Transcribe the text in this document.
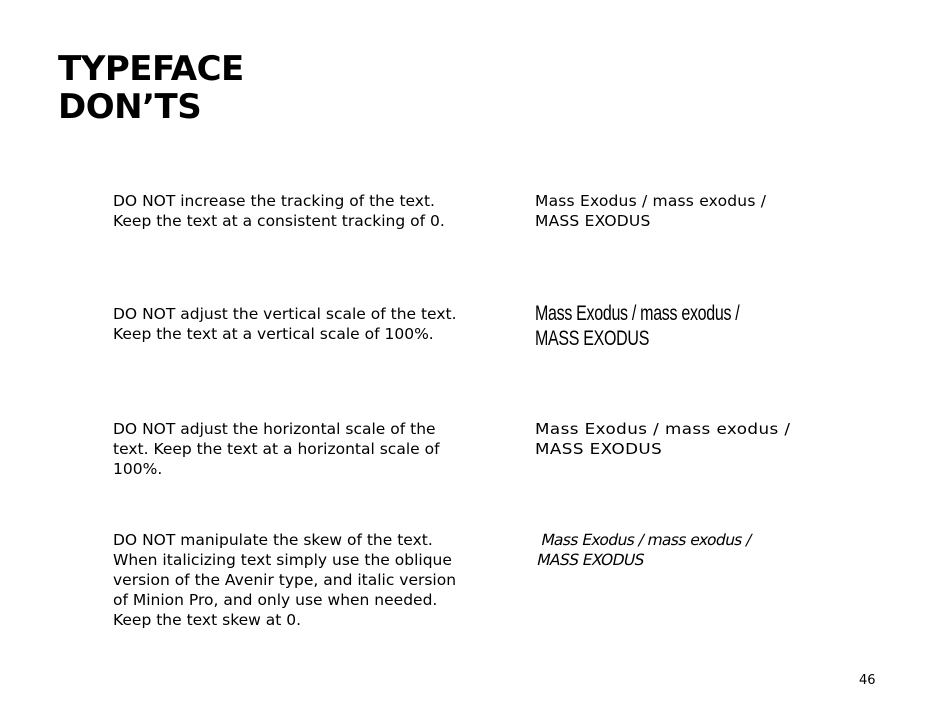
TYPEFACE
DON’TS

DO NOT increase the tracking of the text.
Keep the text at a consistent tracking of 0.

Mass Exodus / mass exodus /
MASS EXODUS

DO NOT adjust the vertical scale of the text.
Keep the text at a vertical scale of 100%.

Mass Exodus / mass exodus /
MASS EXODUS

DO NOT adjust the horizontal scale of the
text. Keep the text at a horizontal scale of
100%.

Mass Exodus / mass exodus /
MASS EXODUS

DO NOT manipulate the skew of the text.
When italicizing text simply use the oblique
version of the Avenir type, and italic version
of Minion Pro, and only use when needed.
Keep the text skew at 0.

Mass Exodus / mass exodus /
MASS EXODUS

46
